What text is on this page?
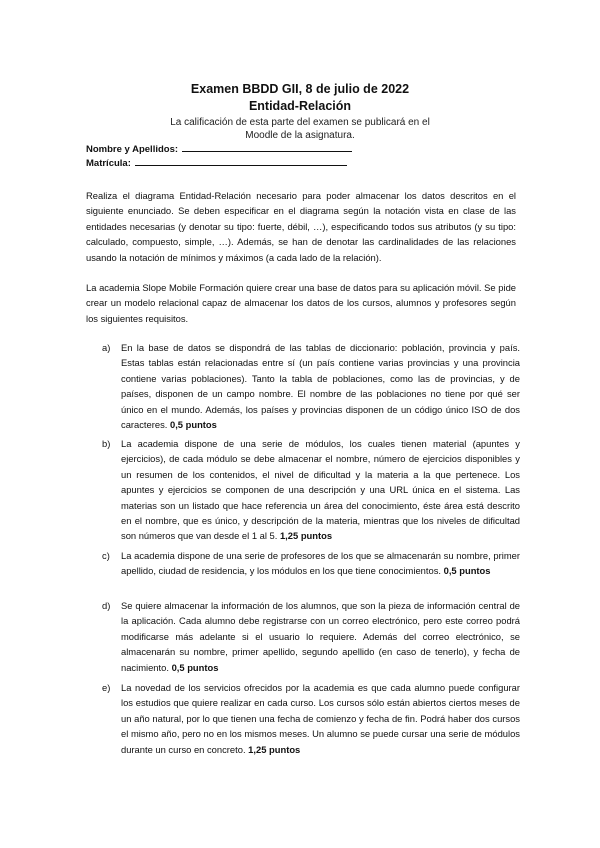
Examen BBDD GII, 8 de julio de 2022
Entidad-Relación
La calificación de esta parte del examen se publicará en el
Moodle de la asignatura.
Nombre y Apellidos:
Matrícula:

Realiza el diagrama Entidad-Relación necesario para poder almacenar los datos descritos en el siguiente enunciado. Se deben especificar en el diagrama según la notación vista en clase de las entidades necesarias (y denotar su tipo: fuerte, débil, …), especificando todos sus atributos (y su tipo: calculado, compuesto, simple, …). Además, se han de denotar las cardinalidades de las relaciones usando la notación de mínimos y máximos (a cada lado de la relación).

La academia Slope Mobile Formación quiere crear una base de datos para su aplicación móvil. Se pide crear un modelo relacional capaz de almacenar los datos de los cursos, alumnos y profesores según los siguientes requisitos.

a) En la base de datos se dispondrá de las tablas de diccionario: población, provincia y país. Estas tablas están relacionadas entre sí (un país contiene varias provincias y una provincia contiene varias poblaciones). Tanto la tabla de poblaciones, como las de provincias, y de países, disponen de un campo nombre. El nombre de las poblaciones no tiene por qué ser único en el mundo. Además, los países y provincias disponen de un código único ISO de dos caracteres. 0,5 puntos

b) La academia dispone de una serie de módulos, los cuales tienen material (apuntes y ejercicios), de cada módulo se debe almacenar el nombre, número de ejercicios disponibles y un resumen de los contenidos, el nivel de dificultad y la materia a la que pertenece. Los apuntes y ejercicios se componen de una descripción y una URL única en el sistema. Las materias son un listado que hace referencia un área del conocimiento, éste área está descrito en el nombre, que es único, y descripción de la materia, mientras que los niveles de dificultad son números que van desde el 1 al 5. 1,25 puntos

c) La academia dispone de una serie de profesores de los que se almacenarán su nombre, primer apellido, ciudad de residencia, y los módulos en los que tiene conocimientos. 0,5 puntos

d) Se quiere almacenar la información de los alumnos, que son la pieza de información central de la aplicación. Cada alumno debe registrarse con un correo electrónico, pero este correo podrá modificarse más adelante si el usuario lo requiere. Además del correo electrónico, se almacenarán su nombre, primer apellido, segundo apellido (en caso de tenerlo), y fecha de nacimiento. 0,5 puntos

e) La novedad de los servicios ofrecidos por la academia es que cada alumno puede configurar los estudios que quiere realizar en cada curso. Los cursos sólo están abiertos ciertos meses de un año natural, por lo que tienen una fecha de comienzo y fecha de fin. Podrá haber dos cursos el mismo año, pero no en los mismos meses. Un alumno se puede cursar una serie de módulos durante un curso en concreto. 1,25 puntos
